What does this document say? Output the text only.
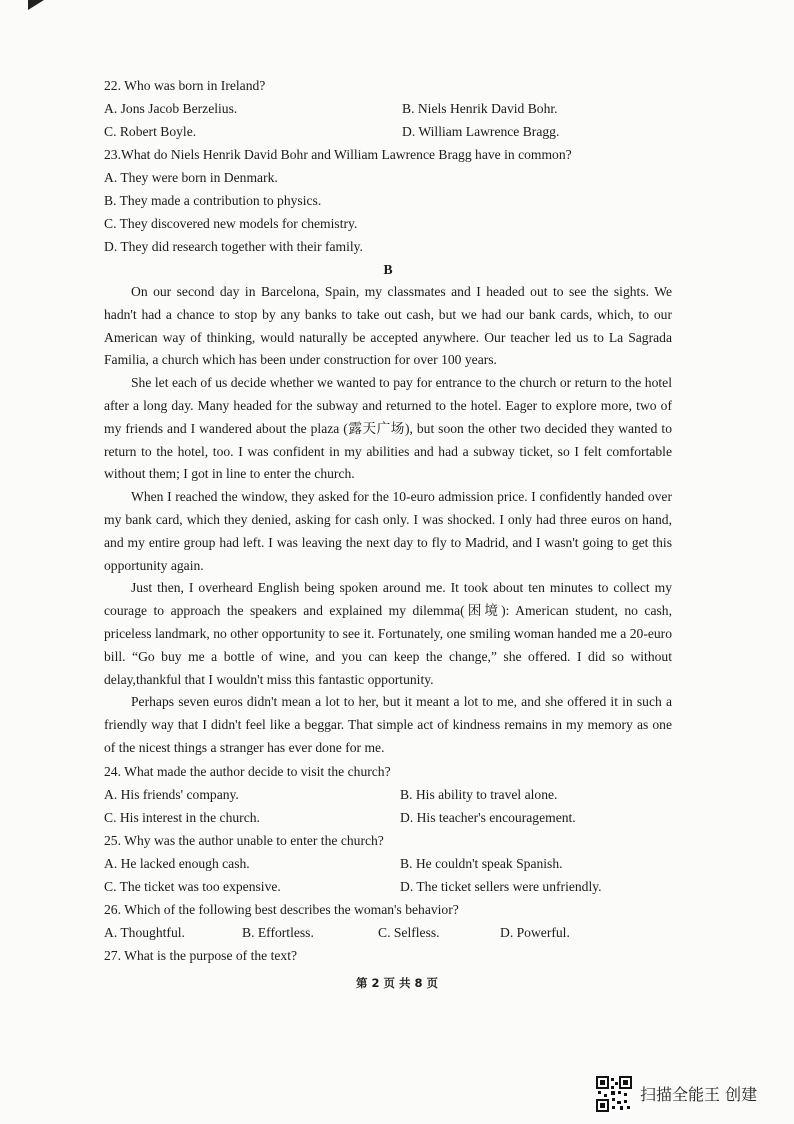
22. Who was born in Ireland?
A. Jons Jacob Berzelius.	B. Niels Henrik David Bohr.
C. Robert Boyle.	D. William Lawrence Bragg.
23.What do Niels Henrik David Bohr and William Lawrence Bragg have in common?
A. They were born in Denmark.
B. They made a contribution to physics.
C. They discovered new models for chemistry.
D. They did research together with their family.
B

On our second day in Barcelona, Spain, my classmates and I headed out to see the sights. We hadn't had a chance to stop by any banks to take out cash, but we had our bank cards, which, to our American way of thinking, would naturally be accepted anywhere. Our teacher led us to La Sagrada Familia, a church which has been under construction for over 100 years.

She let each of us decide whether we wanted to pay for entrance to the church or return to the hotel after a long day. Many headed for the subway and returned to the hotel. Eager to explore more, two of my friends and I wandered about the plaza (露天广场), but soon the other two decided they wanted to return to the hotel, too. I was confident in my abilities and had a subway ticket, so I felt comfortable without them; I got in line to enter the church.

When I reached the window, they asked for the 10-euro admission price. I confidently handed over my bank card, which they denied, asking for cash only. I was shocked. I only had three euros on hand, and my entire group had left. I was leaving the next day to fly to Madrid, and I wasn't going to get this opportunity again.

Just then, I overheard English being spoken around me. It took about ten minutes to collect my courage to approach the speakers and explained my dilemma(困境): American student, no cash, priceless landmark, no other opportunity to see it. Fortunately, one smiling woman handed me a 20-euro bill. “Go buy me a bottle of wine, and you can keep the change,” she offered. I did so without delay,thankful that I wouldn't miss this fantastic opportunity.

Perhaps seven euros didn't mean a lot to her, but it meant a lot to me, and she offered it in such a friendly way that I didn't feel like a beggar. That simple act of kindness remains in my memory as one of the nicest things a stranger has ever done for me.

24. What made the author decide to visit the church?
A. His friends' company.	B. His ability to travel alone.
C. His interest in the church.	D. His teacher's encouragement.
25. Why was the author unable to enter the church?
A. He lacked enough cash.	B. He couldn't speak Spanish.
C. The ticket was too expensive.	D. The ticket sellers were unfriendly.
26. Which of the following best describes the woman's behavior?
A. Thoughtful.	B. Effortless.	C. Selfless.	D. Powerful.
27. What is the purpose of the text?
第 2 页 共 8 页
扫描全能王 创建
